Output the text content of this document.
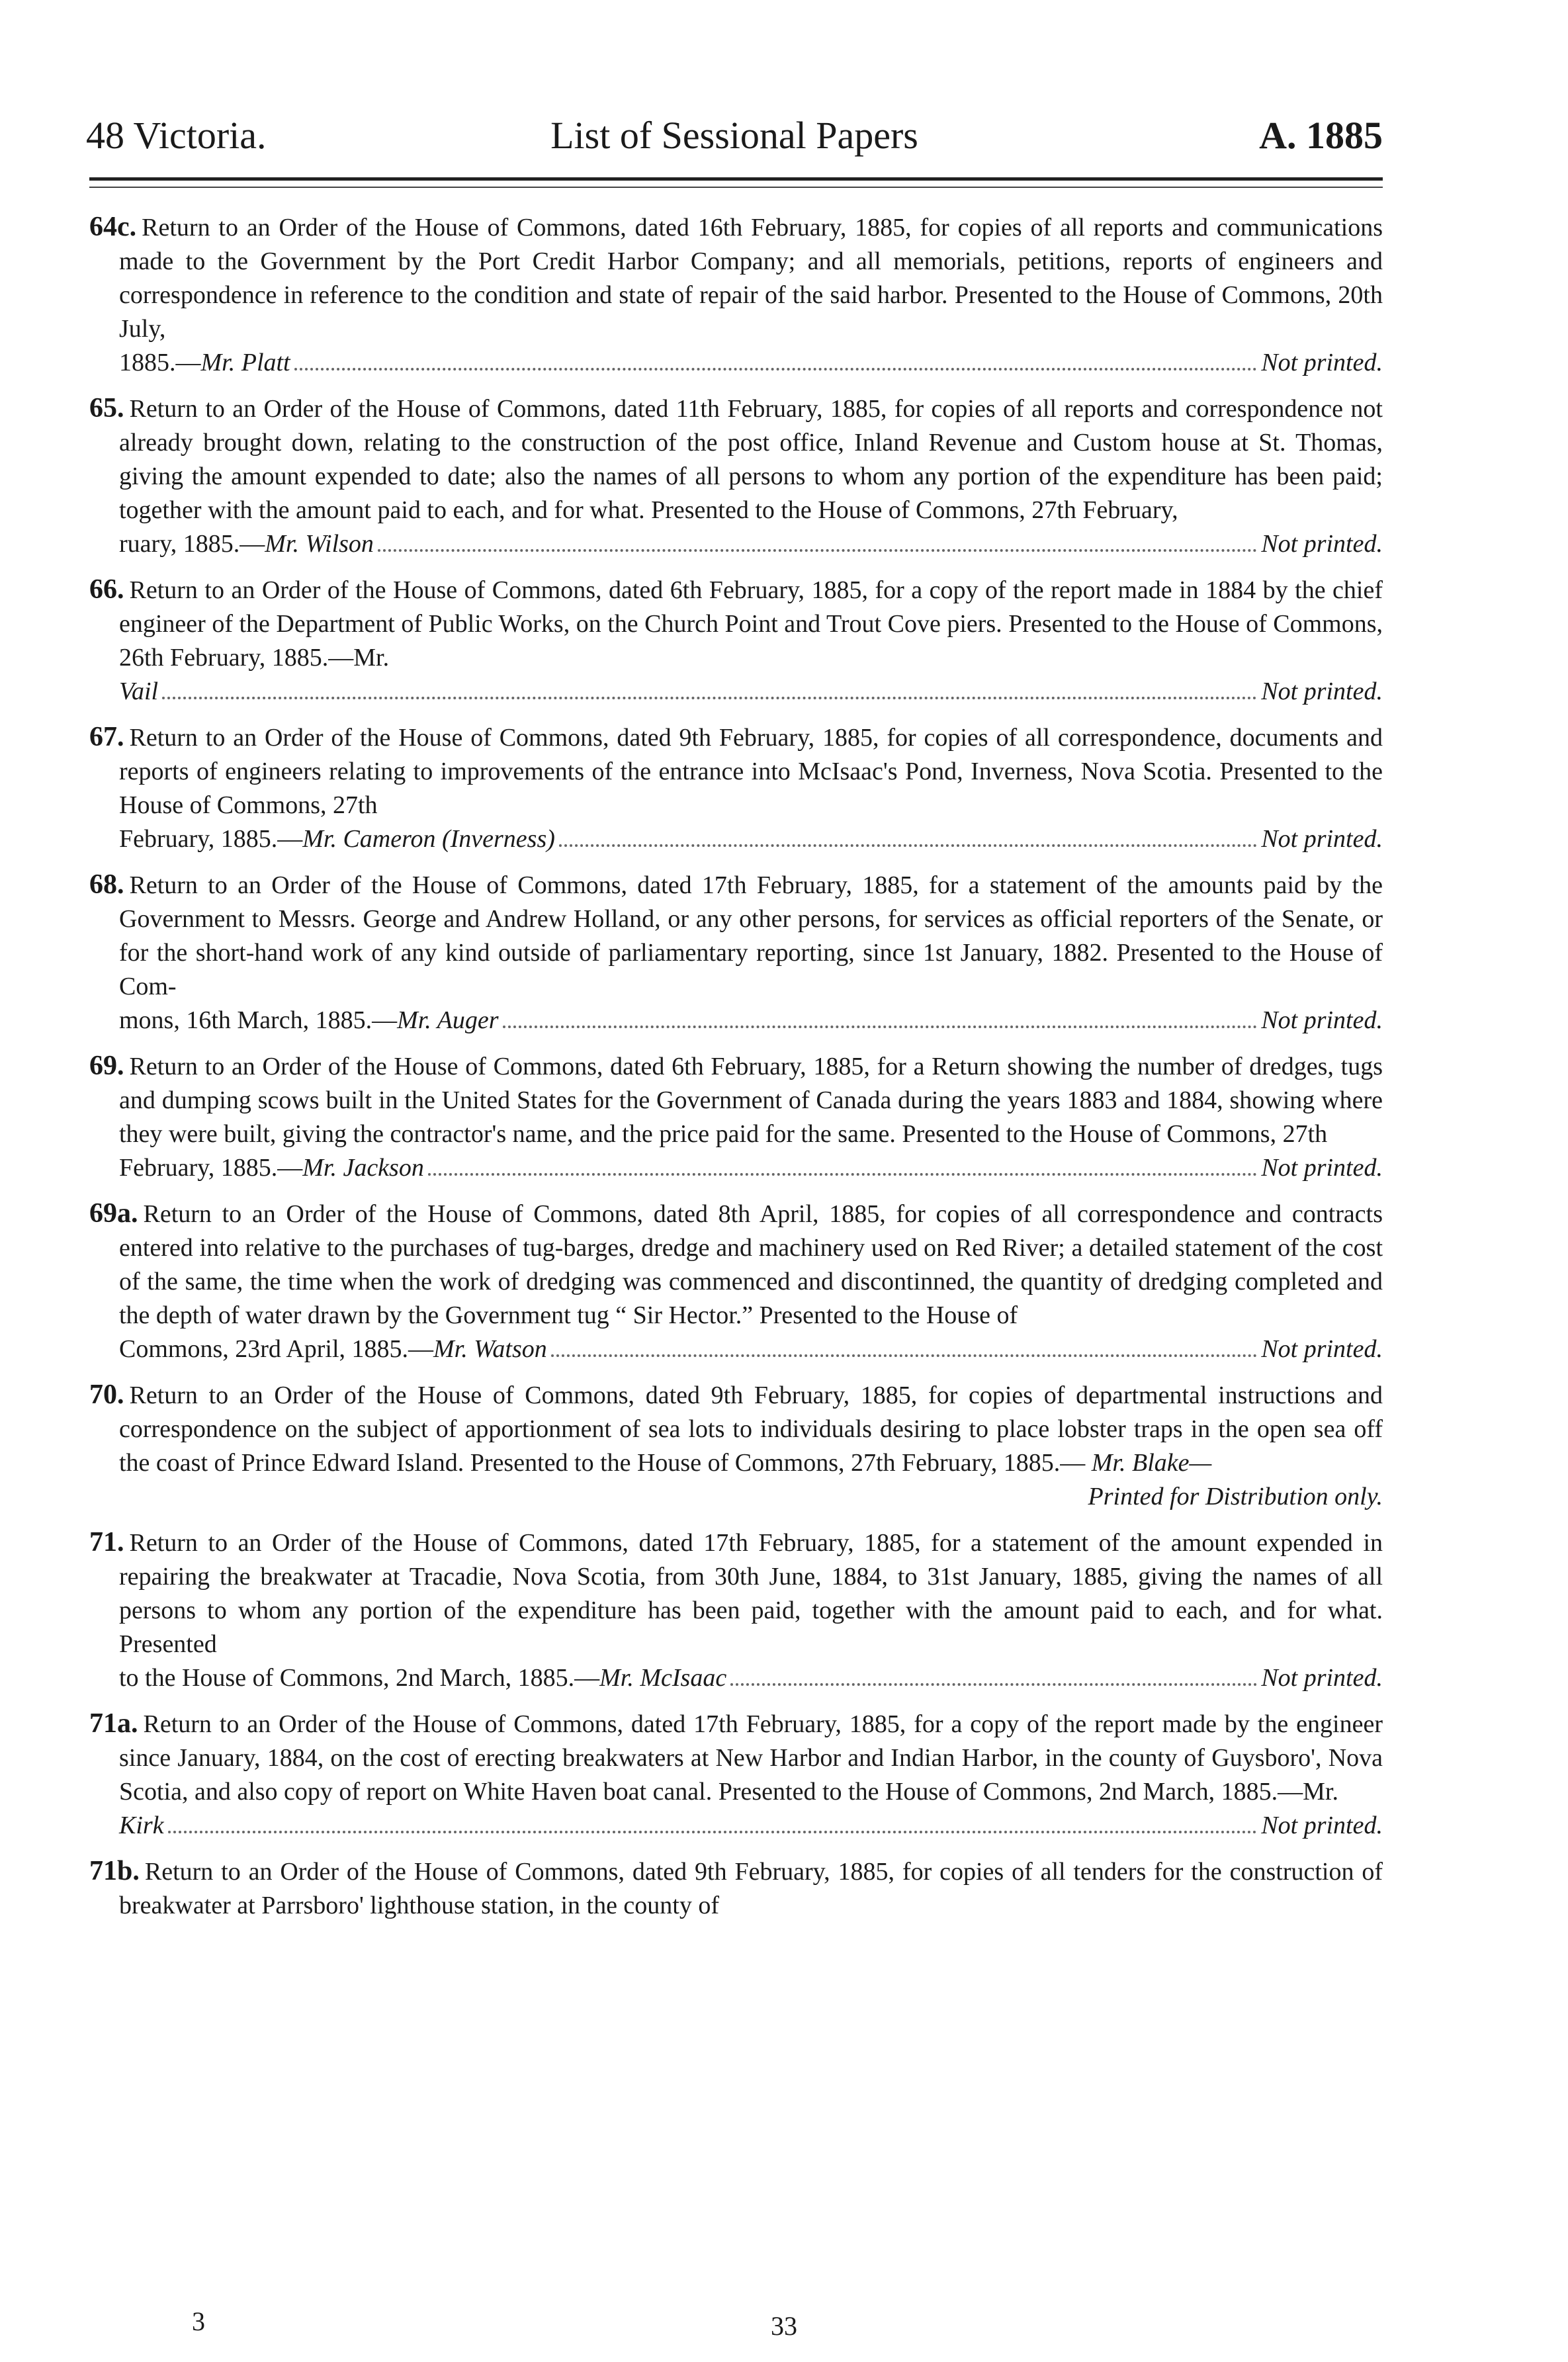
48 Victoria.	List of Sessional Papers	A. 1885
64c. Return to an Order of the House of Commons, dated 16th February, 1885, for copies of all reports and communications made to the Government by the Port Credit Harbor Company; and all memorials, petitions, reports of engineers and correspondence in reference to the condition and state of repair of the said harbor. Presented to the House of Commons, 20th July,
1885.—Mr. Platt	Not printed.
65. Return to an Order of the House of Commons, dated 11th February, 1885, for copies of all reports and correspondence not already brought down, relating to the construction of the post office, Inland Revenue and Custom house at St. Thomas, giving the amount expended to date; also the names of all persons to whom any portion of the expenditure has been paid; together with the amount paid to each, and for what. Presented to the House of Commons, 27th February,
ruary, 1885.—Mr. Wilson	Not printed.
66. Return to an Order of the House of Commons, dated 6th February, 1885, for a copy of the report made in 1884 by the chief engineer of the Department of Public Works, on the Church Point and Trout Cove piers. Presented to the House of Commons, 26th February, 1885.—Mr.
Vail	Not printed.
67. Return to an Order of the House of Commons, dated 9th February, 1885, for copies of all correspondence, documents and reports of engineers relating to improvements of the entrance into McIsaac's Pond, Inverness, Nova Scotia. Presented to the House of Commons, 27th
February, 1885.—Mr. Cameron (Inverness)	Not printed.
68. Return to an Order of the House of Commons, dated 17th February, 1885, for a statement of the amounts paid by the Government to Messrs. George and Andrew Holland, or any other persons, for services as official reporters of the Senate, or for the short-hand work of any kind outside of parliamentary reporting, since 1st January, 1882. Presented to the House of Com-
mons, 16th March, 1885.—Mr. Auger	Not printed.
69. Return to an Order of the House of Commons, dated 6th February, 1885, for a Return showing the number of dredges, tugs and dumping scows built in the United States for the Government of Canada during the years 1883 and 1884, showing where they were built, giving the contractor's name, and the price paid for the same. Presented to the House of Commons, 27th
February, 1885.—Mr. Jackson	Not printed.
69a. Return to an Order of the House of Commons, dated 8th April, 1885, for copies of all correspondence and contracts entered into relative to the purchases of tug-barges, dredge and machinery used on Red River; a detailed statement of the cost of the same, the time when the work of dredging was commenced and discontinned, the quantity of dredging completed and the depth of water drawn by the Government tug “ Sir Hector.” Presented to the House of
Commons, 23rd April, 1885.—Mr. Watson	Not printed.
70. Return to an Order of the House of Commons, dated 9th February, 1885, for copies of departmental instructions and correspondence on the subject of apportionment of sea lots to individuals desiring to place lobster traps in the open sea off the coast of Prince Edward Island. Presented to the House of Commons, 27th February, 1885.— Mr. Blake—
Printed for Distribution only.
71. Return to an Order of the House of Commons, dated 17th February, 1885, for a statement of the amount expended in repairing the breakwater at Tracadie, Nova Scotia, from 30th June, 1884, to 31st January, 1885, giving the names of all persons to whom any portion of the expenditure has been paid, together with the amount paid to each, and for what. Presented
to the House of Commons, 2nd March, 1885.—Mr. McIsaac	Not printed.
71a. Return to an Order of the House of Commons, dated 17th February, 1885, for a copy of the report made by the engineer since January, 1884, on the cost of erecting breakwaters at New Harbor and Indian Harbor, in the county of Guysboro', Nova Scotia, and also copy of report on White Haven boat canal. Presented to the House of Commons, 2nd March, 1885.—Mr.
Kirk	Not printed.
71b. Return to an Order of the House of Commons, dated 9th February, 1885, for copies of all tenders for the construction of breakwater at Parrsboro' lighthouse station, in the county of
3	33
